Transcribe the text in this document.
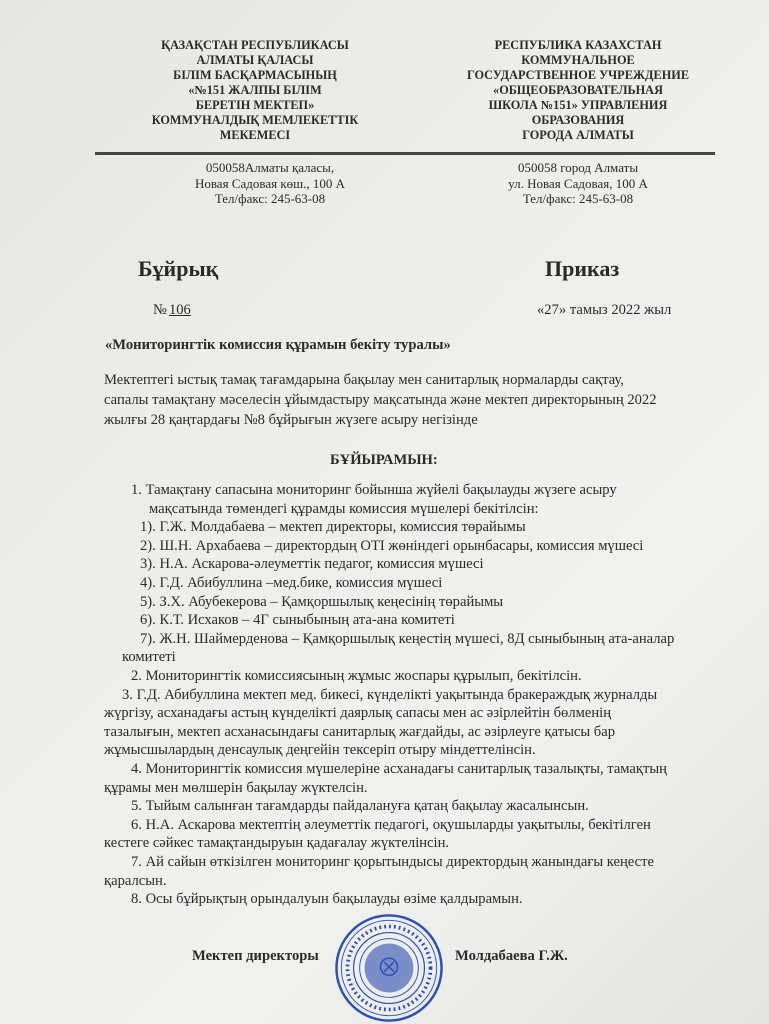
ҚАЗАҚСТАН РЕСПУБЛИКАСЫ
АЛМАТЫ ҚАЛАСЫ
БІЛІМ БАСҚАРМАСЫНЫҢ
«№151 ЖАЛПЫ БІЛІМ
БЕРЕТІН МЕКТЕП»
КОММУНАЛДЫҚ МЕМЛЕКЕТТІК
МЕКЕМЕСІ
РЕСПУБЛИКА КАЗАХСТАН
КОММУНАЛЬНОЕ
ГОСУДАРСТВЕННОЕ УЧРЕЖДЕНИЕ
«ОБЩЕОБРАЗОВАТЕЛЬНАЯ
ШКОЛА №151» УПРАВЛЕНИЯ
ОБРАЗОВАНИЯ
ГОРОДА АЛМАТЫ
050058Алматы қаласы,
Новая Садовая көш., 100 А
Тел/факс: 245-63-08
050058 город Алматы
ул. Новая Садовая, 100 А
Тел/факс: 245-63-08
Бұйрық	Приказ
№ 106	«27» тамыз 2022 жыл
«Мониторингтік комиссия құрамын бекіту туралы»
Мектептегі ыстық тамақ тағамдарына бақылау мен санитарлық нормаларды сақтау,
сапалы тамақтану мәселесін ұйымдастыру мақсатында және мектеп директорының 2022
жылғы 28 қаңтардағы №8 бұйрығын жүзеге асыру негізінде
БҰЙЫРАМЫН:
1. Тамақтану сапасына мониторинг бойынша жүйелі бақылауды жүзеге асыру
мақсатында төмендегі құрамды комиссия мүшелері бекітілсін:
1). Г.Ж. Молдабаева – мектеп директоры, комиссия төрайымы
2). Ш.Н. Архабаева – директордың ОТІ жөніндегі орынбасары, комиссия мүшесі
3). Н.А. Аскарова-әлеуметтік педагог, комиссия мүшесі
4). Г.Д. Абибуллина –мед.бике, комиссия мүшесі
5). З.Х. Абубекерова – Қамқоршылық кеңесінің төрайымы
6). К.Т. Исхаков – 4Г сыныбының ата-ана комитеті
7). Ж.Н. Шаймерденова – Қамқоршылық кеңестің мүшесі, 8Д сыныбының ата-аналар
комитеті
2. Мониторингтік комиссиясының жұмыс жоспары құрылып, бекітілсін.
3. Г.Д. Абибуллина мектеп мед. бикесі, күнделікті уақытында бракераждық журналды
жүргізу, асханадағы астың күнделікті даярлық сапасы мен ас әзірлейтін бөлменің
тазалығын, мектеп асханасындағы санитарлық жағдайды, ас әзірлеуге қатысы бар
жұмысшылардың денсаулық деңгейін тексеріп отыру міндеттелінсін.
4. Мониторингтік комиссия мүшелеріне асханадағы санитарлық тазалықты, тамақтың
құрамы мен мөлшерін бақылау жүктелсін.
5. Тыйым салынған тағамдарды пайдалануға қатаң бақылау жасалынсын.
6. Н.А. Аскарова мектептің әлеуметтік педагогі, оқушыларды уақытылы, бекітілген
кестеге сәйкес тамақтандыруын қадағалау жүктелінсін.
7. Ай сайын өткізілген мониторинг қорытындысы директордың жанындағы кеңесте
қаралсын.
8. Осы бұйрықтың орындалуын бақылауды өзіме қалдырамын.
Мектеп директоры	Молдабаева Г.Ж.
